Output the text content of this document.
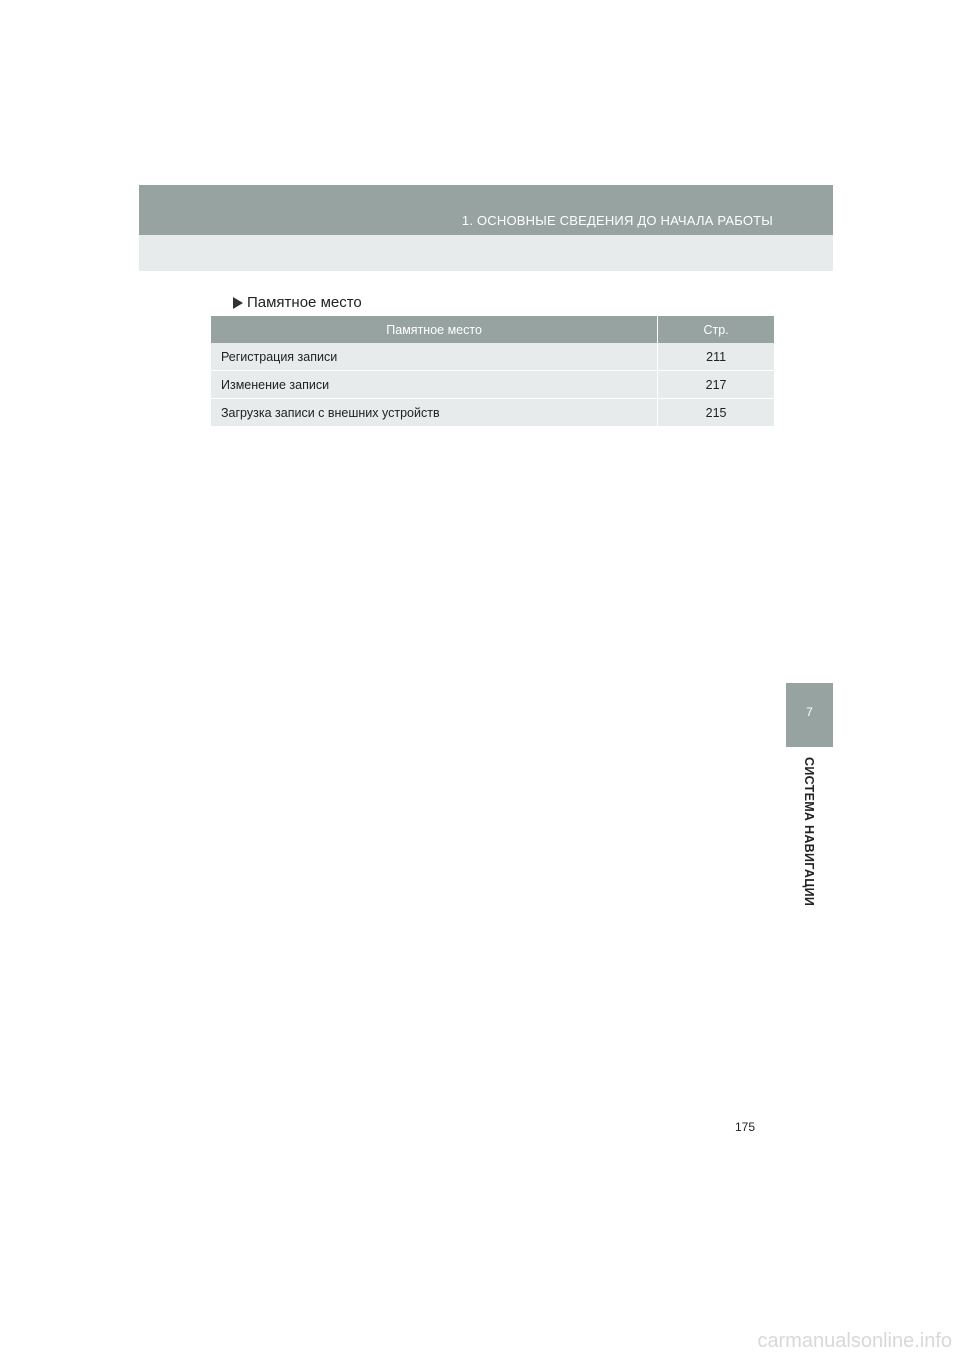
1. ОСНОВНЫЕ СВЕДЕНИЯ ДО НАЧАЛА РАБОТЫ
Памятное место
Памятное место	Стр.
Регистрация записи	211
Изменение записи	217
Загрузка записи с внешних устройств	215
7
СИСТЕМА НАВИГАЦИИ
175
carmanualsonline.info
